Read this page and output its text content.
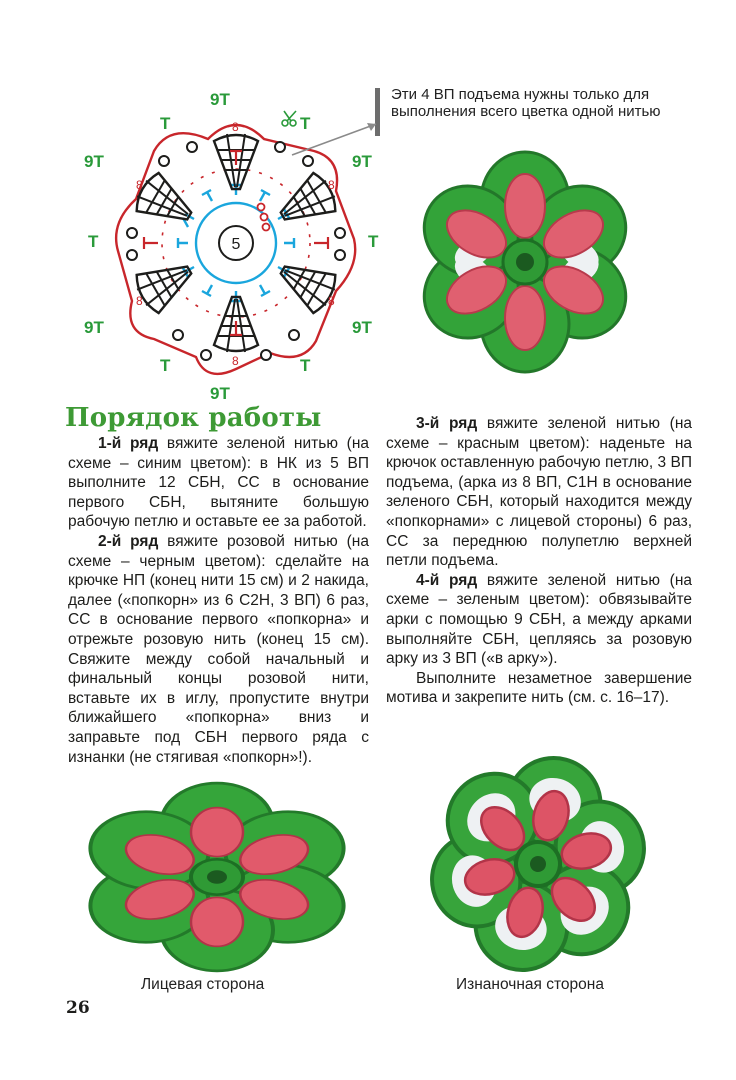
Эти 4 ВП подъема нужны только для выполнения всего цветка одной нитью
5
9Т
9Т
9Т
9Т
9Т
9Т
Т	Т
Т
Т
Т	Т
8
8
8
8
8
8
Порядок работы

1-й ряд вяжите зеленой нитью (на схеме – синим цветом): в НК из 5 ВП выполните 12 СБН, СС в основание первого СБН, вытяните большую рабочую петлю и оставьте ее за работой.

2-й ряд вяжите розовой нитью (на схеме – черным цветом): сделайте на крючке НП (конец нити 15 см) и 2 накида, далее («попкорн» из 6 С2Н, 3 ВП) 6 раз, СС в основание первого «попкорна» и отрежьте розовую нить (конец 15 см). Свяжите между собой начальный и финальный концы розовой нити, вставьте их в иглу, пропустите внутри ближайшего «попкорна» вниз и заправьте под СБН первого ряда с изнанки (не стягивая «попкорн»!).

3-й ряд вяжите зеленой нитью (на схеме – красным цветом): наденьте на крючок оставленную рабочую петлю, 3 ВП подъема, (арка из 8 ВП, С1Н в основание зеленого СБН, который находится между «попкорнами» с лицевой стороны) 6 раз, СС за переднюю полупетлю верхней петли подъема.

4-й ряд вяжите зеленой нитью (на схеме – зеленым цветом): обвязывайте арки с помощью 9 СБН, а между арками выполняйте СБН, цепляясь за розовую арку из 3 ВП («в арку»).

Выполните незаметное завершение мотива и закрепите нить (см. с. 16–17).

Лицевая сторона	Изнаночная сторона
26
